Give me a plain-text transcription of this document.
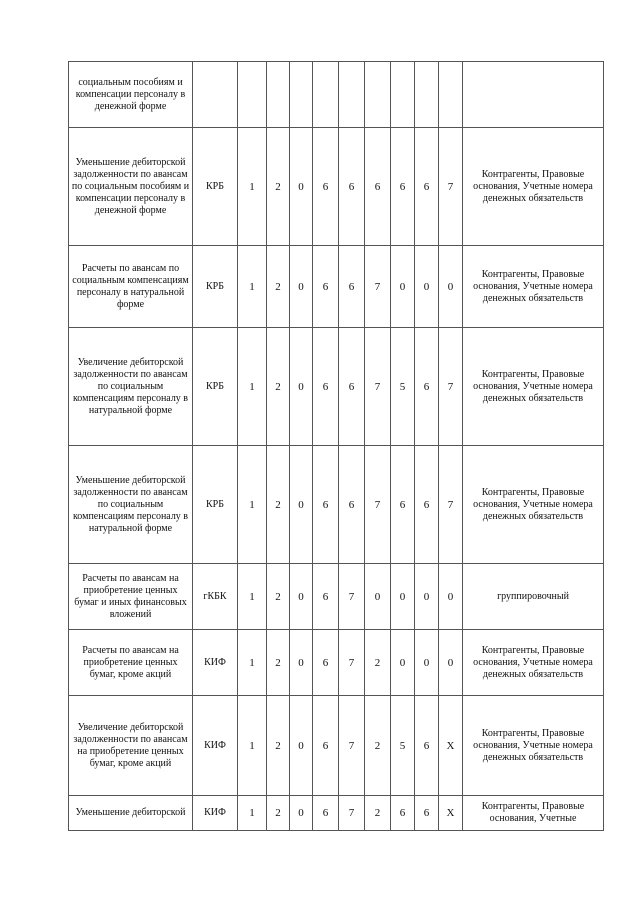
социальным пособиям и компенсации персоналу в денежной форме											
Уменьшение дебиторской задолженности по авансам по социальным пособиям и компенсации персоналу в денежной форме	КРБ	1	2	0	6	6	6	6	6	7	Контрагенты, Правовые основания, Учетные номера денежных обязательств
Расчеты по авансам по социальным компенсациям персоналу в натуральной форме	КРБ	1	2	0	6	6	7	0	0	0	Контрагенты, Правовые основания, Учетные номера денежных обязательств
Увеличение дебиторской задолженности по авансам по социальным компенсациям персоналу в натуральной форме	КРБ	1	2	0	6	6	7	5	6	7	Контрагенты, Правовые основания, Учетные номера денежных обязательств
Уменьшение дебиторской задолженности по авансам по социальным компенсациям персоналу в натуральной форме	КРБ	1	2	0	6	6	7	6	6	7	Контрагенты, Правовые основания, Учетные номера денежных обязательств
Расчеты по авансам на приобретение ценных бумаг и иных финансовых вложений	гКБК	1	2	0	6	7	0	0	0	0	группировочный
Расчеты по авансам на приобретение ценных бумаг, кроме акций	КИФ	1	2	0	6	7	2	0	0	0	Контрагенты, Правовые основания, Учетные номера денежных обязательств
Увеличение дебиторской задолженности по авансам на приобретение ценных бумаг, кроме акций	КИФ	1	2	0	6	7	2	5	6	X	Контрагенты, Правовые основания, Учетные номера денежных обязательств
Уменьшение дебиторской	КИФ	1	2	0	6	7	2	6	6	X	Контрагенты, Правовые основания, Учетные
